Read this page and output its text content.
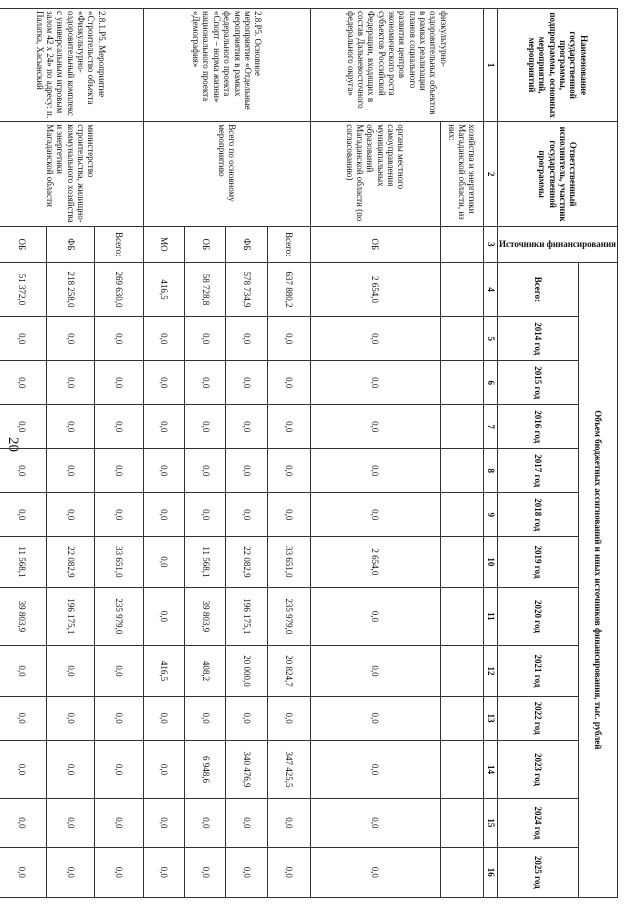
20
Наименование государственной программы, подпрограммы, основных мероприятий, мероприятий	Ответственный исполнитель, участник государственной программы	Источники финансирования	Объем бюджетных ассигнований и иных источников финансирования, тыс. рублей												
			Всего:	2014 год	2015 год	2016 год	2017 год	2018 год	2019 год	2020 год	2021 год	2022 год	2023 год	2024 год	2025 год
1	2	3	4	5	6	7	8	9	10	11	12	13	14	15	16
физкультурно-оздоровительных объектов в рамках реализации планов социального развития центров экономического роста субъектов Российской Федерации, входящих в состав Дальневосточного федерального округа»	хозяйства и энергетики Магаданской области, из них:														
	органы местного самоуправления муниципальных образований Магаданской области (по согласованию)	ОБ	2 654,0	0,0	0,0	0,0	0,0	0,0	2 654,0	0,0	0,0	0,0	0,0	0,0	0,0
2.8.P5. Основное мероприятие «Отдельные мероприятия в рамках федерального проекта «Спорт – норма жизни» национального проекта «Демография»	Всего по основному мероприятию	Всего:	637 880,2	0,0	0,0	0,0	0,0	0,0	33 651,0	235 979,0	20 824,7	0,0	347 425,5	0,0	0,0
		ФБ	578 734,9	0,0	0,0	0,0	0,0	0,0	22 082,9	196 175,1	20 000,0	0,0	340 476,9	0,0	0,0
		ОБ	58 728,8	0,0	0,0	0,0	0,0	0,0	11 568,1	39 803,9	408,2	0,0	6 948,6	0,0	0,0
		МО	416,5	0,0	0,0	0,0	0,0	0,0	0,0	0,0	416,5	0,0	0,0	0,0	0,0
2.8.1.P5. Мероприятие «Строительство объекта «Физкультурно-оздоровительный комплекс с универсальным игровым залом 42 х 24» по адресу: п. Палатка, Хасынский	министерство строительства, жилищно-коммунального хозяйства и энергетики Магаданской области	Всего:	269 630,0	0,0	0,0	0,0	0,0	0,0	33 651,0	235 979,0	0,0	0,0	0,0	0,0	0,0
		ФБ	218 258,0	0,0	0,0	0,0	0,0	0,0	22 082,9	196 175,1	0,0	0,0	0,0	0,0	0,0
		ОБ	51 372,0	0,0	0,0	0,0	0,0	0,0	11 568,1	39 803,9	0,0	0,0	0,0	0,0	0,0
